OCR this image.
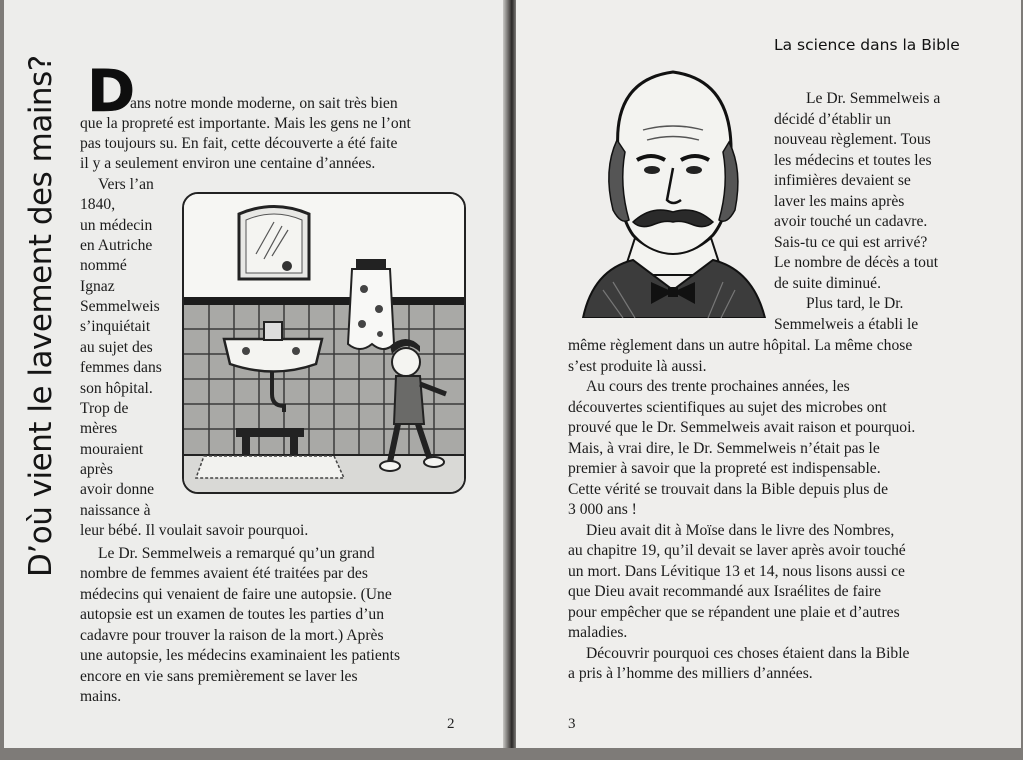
D’où vient le lavement des mains? D

ans notre monde moderne, on sait très bien

que la propreté est importante. Mais les gens ne l’ont

pas toujours su. En fait, cette découverte a été faite

il y a seulement environ une centaine d’années.

Vers l’an

1840,

un médecin

en Autriche

nommé

Ignaz

Semmelweis

s’inquiétait

au sujet des

femmes dans

son hôpital.

Trop de

mères

mouraient

après

avoir donne

naissance à

leur bébé. Il voulait savoir pourquoi.

Le Dr. Semmelweis a remarqué qu’un grand

nombre de femmes avaient été traitées par des

médecins qui venaient de faire une autopsie. (Une

autopsie est un examen de toutes les parties d’un

cadavre pour trouver la raison de la mort.) Après

une autopsie, les médecins examinaient les patients

encore en vie sans premièrement se laver les

mains.

2
La science dans la Bible

Le Dr. Semmelweis a

décidé d’établir un

nouveau règlement. Tous

les médecins et toutes les

infimières devaient se

laver les mains après

avoir touché un cadavre.

Sais-tu ce qui est arrivé?

Le nombre de décès a tout

de suite diminué.

Plus tard, le Dr.

Semmelweis a établi le

même règlement dans un autre hôpital. La même chose

s’est produite là aussi.

Au cours des trente prochaines années, les

découvertes scientifiques au sujet des microbes ont

prouvé que le Dr. Semmelweis avait raison et pourquoi.

Mais, à vrai dire, le Dr. Semmelweis n’était pas le

premier à savoir que la propreté est indispensable.

Cette vérité se trouvait dans la Bible depuis plus de

3 000 ans !

Dieu avait dit à Moïse dans le livre des Nombres,

au chapitre 19, qu’il devait se laver après avoir touché

un mort. Dans Lévitique 13 et 14, nous lisons aussi ce

que Dieu avait recommandé aux Israélites de faire

pour empêcher que se répandent une plaie et d’autres

maladies.

Découvrir pourquoi ces choses étaient dans la Bible

a pris à l’homme des milliers d’années.

3
